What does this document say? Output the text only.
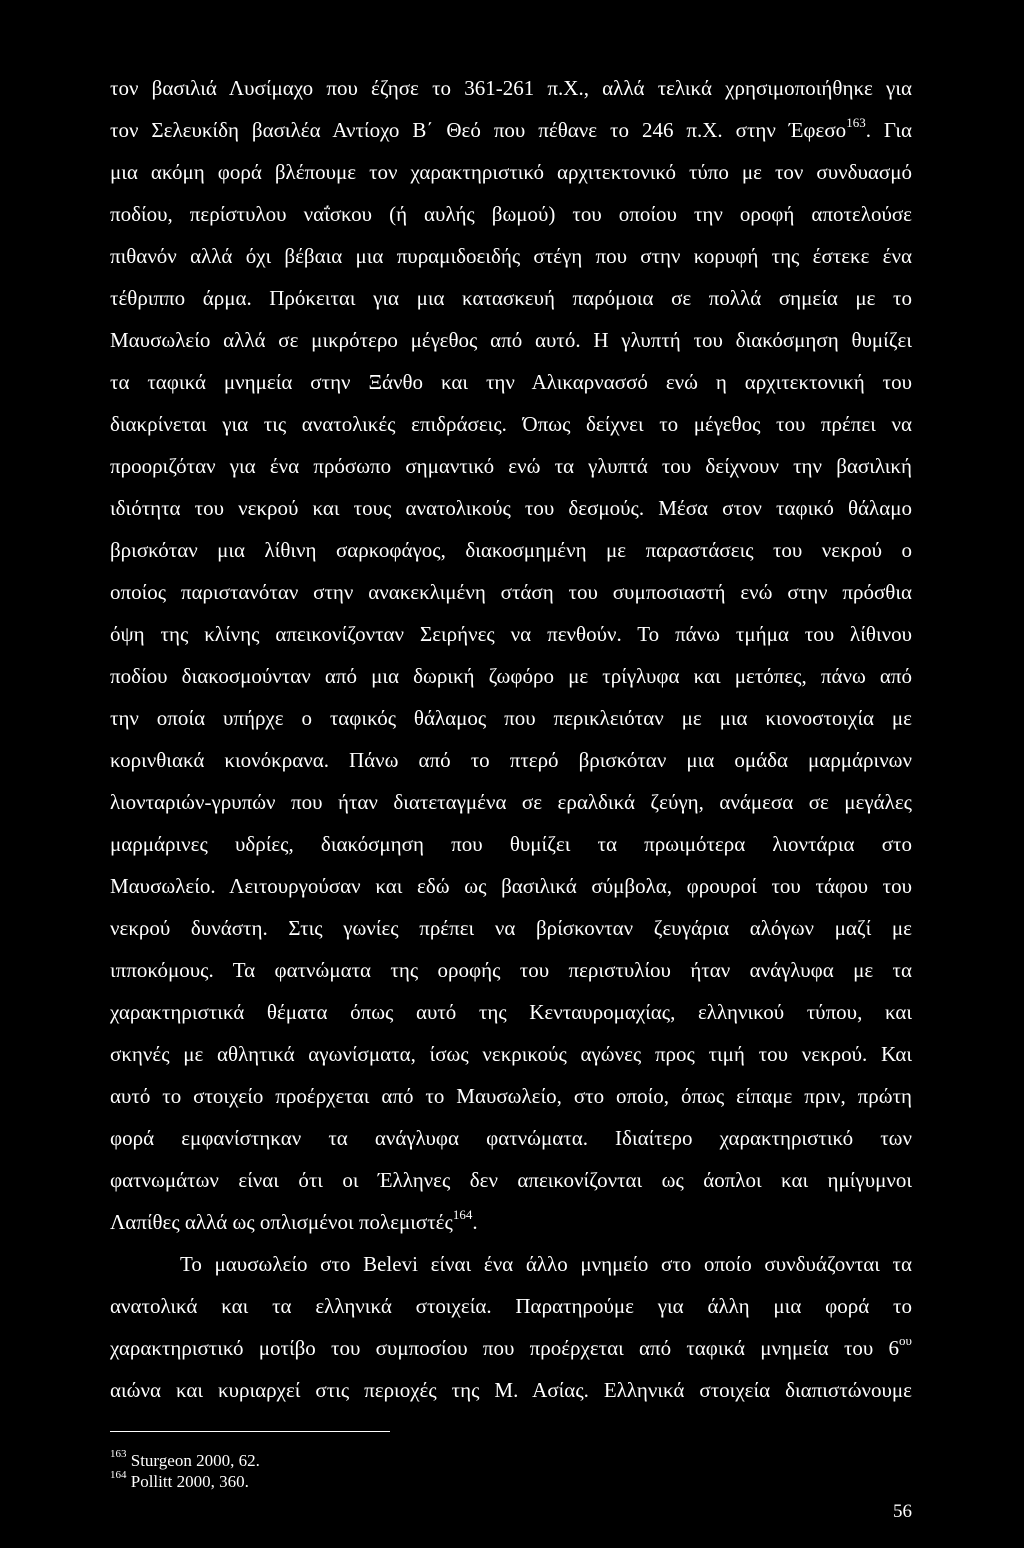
τον βασιλιά Λυσίμαχο που έζησε το 361-261 π.Χ., αλλά τελικά χρησιμοποιήθηκε για
τον Σελευκίδη βασιλέα Αντίοχο Β΄ Θεό που πέθανε το 246 π.Χ. στην Έφεσο$^{163}$. Για
μια ακόμη φορά βλέπουμε τον χαρακτηριστικό αρχιτεκτονικό τύπο με τον συνδυασμό
ποδίου, περίστυλου ναΐσκου (ή αυλής βωμού) του οποίου την οροφή αποτελούσε
πιθανόν αλλά όχι βέβαια μια πυραμιδοειδής στέγη που στην κορυφή της έστεκε ένα
τέθριππο άρμα. Πρόκειται για μια κατασκευή παρόμοια σε πολλά σημεία με το
Μαυσωλείο αλλά σε μικρότερο μέγεθος από αυτό. Η γλυπτή του διακόσμηση θυμίζει
τα ταφικά μνημεία στην Ξάνθο και την Αλικαρνασσό ενώ η αρχιτεκτονική του
διακρίνεται για τις ανατολικές επιδράσεις. Όπως δείχνει το μέγεθος του πρέπει να
προοριζόταν για ένα πρόσωπο σημαντικό ενώ τα γλυπτά του δείχνουν την βασιλική
ιδιότητα του νεκρού και τους ανατολικούς του δεσμούς. Μέσα στον ταφικό θάλαμο
βρισκόταν μια λίθινη σαρκοφάγος, διακοσμημένη με παραστάσεις του νεκρού ο
οποίος παριστανόταν στην ανακεκλιμένη στάση του συμποσιαστή ενώ στην πρόσθια
όψη της κλίνης απεικονίζονταν Σειρήνες να πενθούν. Το πάνω τμήμα του λίθινου
ποδίου διακοσμούνταν από μια δωρική ζωφόρο με τρίγλυφα και μετόπες, πάνω από
την οποία υπήρχε ο ταφικός θάλαμος που περικλειόταν με μια κιονοστοιχία με
κορινθιακά κιονόκρανα. Πάνω από το πτερό βρισκόταν μια ομάδα μαρμάρινων
λιονταριών-γρυπών που ήταν διατεταγμένα σε εραλδικά ζεύγη, ανάμεσα σε μεγάλες
μαρμάρινες υδρίες, διακόσμηση που θυμίζει τα πρωιμότερα λιοντάρια στο
Μαυσωλείο. Λειτουργούσαν και εδώ ως βασιλικά σύμβολα, φρουροί του τάφου του
νεκρού δυνάστη. Στις γωνίες πρέπει να βρίσκονταν ζευγάρια αλόγων μαζί με
ιπποκόμους. Τα φατνώματα της οροφής του περιστυλίου ήταν ανάγλυφα με τα
χαρακτηριστικά θέματα όπως αυτό της Κενταυρομαχίας, ελληνικού τύπου, και
σκηνές με αθλητικά αγωνίσματα, ίσως νεκρικούς αγώνες προς τιμή του νεκρού. Και
αυτό το στοιχείο προέρχεται από το Μαυσωλείο, στο οποίο, όπως είπαμε πριν, πρώτη
φορά εμφανίστηκαν τα ανάγλυφα φατνώματα. Ιδιαίτερο χαρακτηριστικό των
φατνωμάτων είναι ότι οι Έλληνες δεν απεικονίζονται ως άοπλοι και ημίγυμνοι
Λαπίθες αλλά ως οπλισμένοι πολεμιστές$^{164}$.
Το μαυσωλείο στο Belevi είναι ένα άλλο μνημείο στο οποίο συνδυάζονται τα
ανατολικά και τα ελληνικά στοιχεία. Παρατηρούμε για άλλη μια φορά το
χαρακτηριστικό μοτίβο του συμποσίου που προέρχεται από ταφικά μνημεία του $6^{o\upsilon}$
αιώνα και κυριαρχεί στις περιοχές της Μ. Ασίας. Ελληνικά στοιχεία διαπιστώνουμε
$^{163}$ Sturgeon 2000, 62.
$^{164}$ Pollitt 2000, 360.
56
